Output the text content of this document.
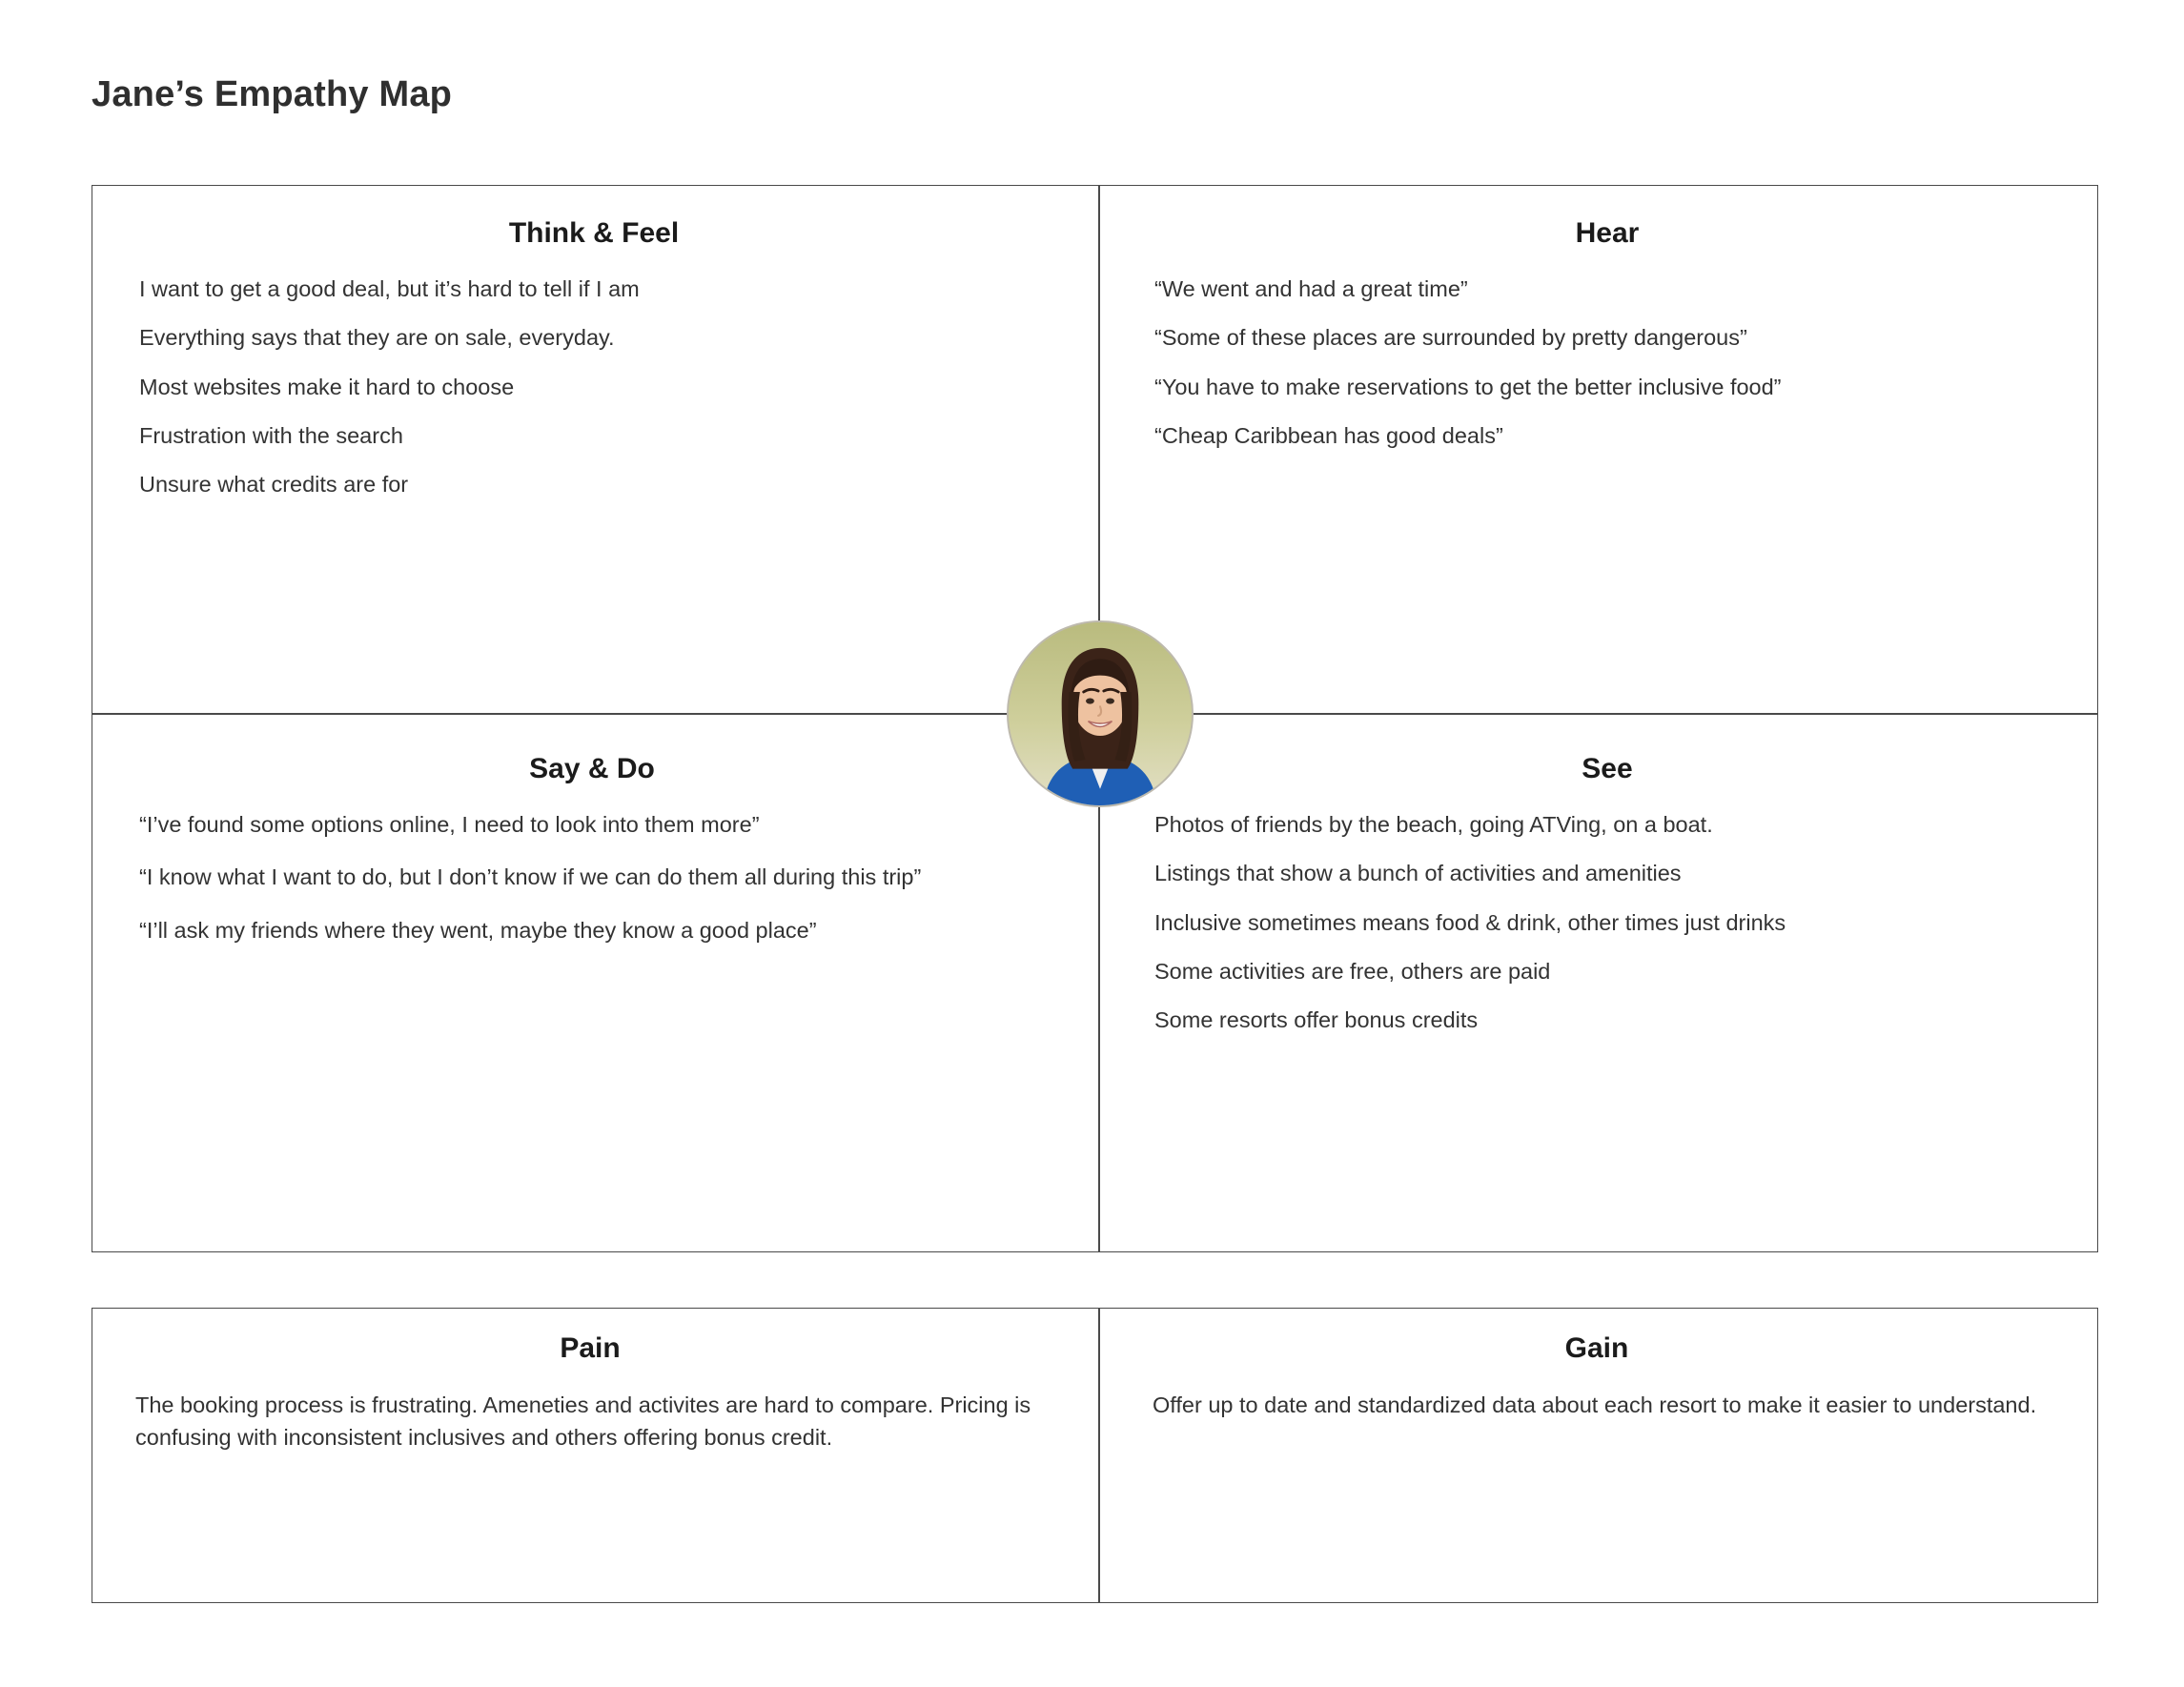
Jane’s Empathy Map
Think & Feel
I want to get a good deal, but it’s hard to tell if I am
Everything says that they are on sale, everyday.
Most websites make it hard to choose
Frustration with the search
Unsure what credits are for
Hear
“We went and had a great time”
“Some of these places are surrounded by pretty dangerous”
“You have to make reservations to get the better inclusive food”
“Cheap Caribbean has good deals”
Say & Do
“I’ve found some options online, I need to look into them more”
“I know what I want to do, but I don’t know if we can do them all during this trip”
“I’ll ask my friends where they went, maybe they know a good place”
See
Photos of friends by the beach, going ATVing, on a boat.
Listings that show a bunch of activities and amenities
Inclusive sometimes means food & drink, other times just drinks
Some activities are free, others are paid
Some resorts offer bonus credits
Pain

The booking process is frustrating. Ameneties and activites are hard to compare. Pricing is confusing with inconsistent inclusives and others offering bonus credit.

Gain

Offer up to date and standardized data about each resort to make it easier to understand.
